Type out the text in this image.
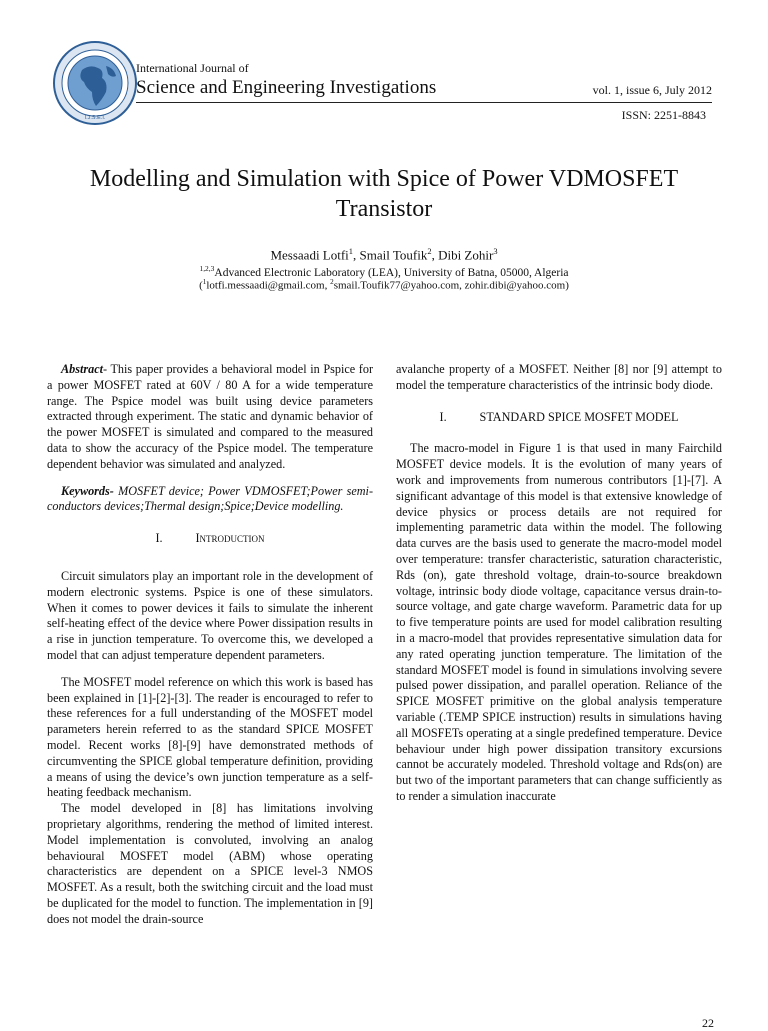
I.J.S.E.I.
International Journal of
Science and Engineering Investigations	vol. 1, issue 6, July 2012
ISSN: 2251-8843
Modelling and Simulation with Spice of Power VDMOSFET
Transistor
Messaadi Lotfi$^1$, Smail Toufik$^2$, Dibi Zohir$^3$
$^{1,2,3}$Advanced Electronic Laboratory (LEA), University of Batna, 05000, Algeria
($^1$lotfi.messaadi@gmail.com, $^2$smail.Toufik77@yahoo.com, zohir.dibi@yahoo.com)

Abstract- This paper provides a behavioral model in Pspice for a power MOSFET rated at 60V / 80 A for a wide temperature range. The Pspice model was built using device parameters extracted through experiment. The static and dynamic behavior of the power MOSFET is simulated and compared to the measured data to show the accuracy of the Pspice model. The temperature dependent behavior was simulated and analyzed.

Keywords- MOSFET device; Power VDMOSFET;Power semi-conductors devices;Thermal design;Spice;Device modelling.

I.	Introduction

Circuit simulators play an important role in the development of modern electronic systems. Pspice is one of these simulators. When it comes to power devices it fails to simulate the inherent self-heating effect of the device where Power dissipation results in a rise in junction temperature. To overcome this, we developed a model that can adjust temperature dependent parameters.

The MOSFET model reference on which this work is based has been explained in [1]-[2]-[3]. The reader is encouraged to refer to these references for a full understanding of the MOSFET model parameters herein referred to as the standard SPICE MOSFET model. Recent works [8]-[9] have demonstrated methods of circumventing the SPICE global temperature definition, providing a means of using the device’s own junction temperature as a self-heating feedback mechanism.

The model developed in [8] has limitations involving proprietary algorithms, rendering the method of limited interest. Model implementation is convoluted, involving an analog behavioural MOSFET model (ABM) whose operating characteristics are dependent on a SPICE level-3 NMOS MOSFET. As a result, both the switching circuit and the load must be duplicated for the model to function. The implementation in [9] does not model the drain-source

avalanche property of a MOSFET. Neither [8] nor [9] attempt to model the temperature characteristics of the intrinsic body diode.

I.	STANDARD SPICE MOSFET MODEL

The macro-model in Figure 1 is that used in many Fairchild MOSFET device models. It is the evolution of many years of work and improvements from numerous contributors [1]-[7]. A significant advantage of this model is that extensive knowledge of device physics or process details are not required for implementing parametric data within the model. The following data curves are the basis used to generate the macro-model model over temperature: transfer characteristic, saturation characteristic, Rds (on), gate threshold voltage, drain-to-source breakdown voltage, intrinsic body diode voltage, capacitance versus drain-to-source voltage, and gate charge waveform. Parametric data for up to five temperature points are used for model calibration resulting in a macro-model that provides representative simulation data for any rated operating junction temperature. The limitation of the standard MOSFET model is found in simulations involving severe pulsed power dissipation, and parallel operation. Reliance of the SPICE MOSFET primitive on the global analysis temperature variable (.TEMP SPICE instruction) results in simulations having all MOSFETs operating at a single predefined temperature. Device behaviour under high power dissipation transitory excursions cannot be accurately modeled. Threshold voltage and Rds(on) are but two of the important parameters that can change sufficiently as to render a simulation inaccurate

22
